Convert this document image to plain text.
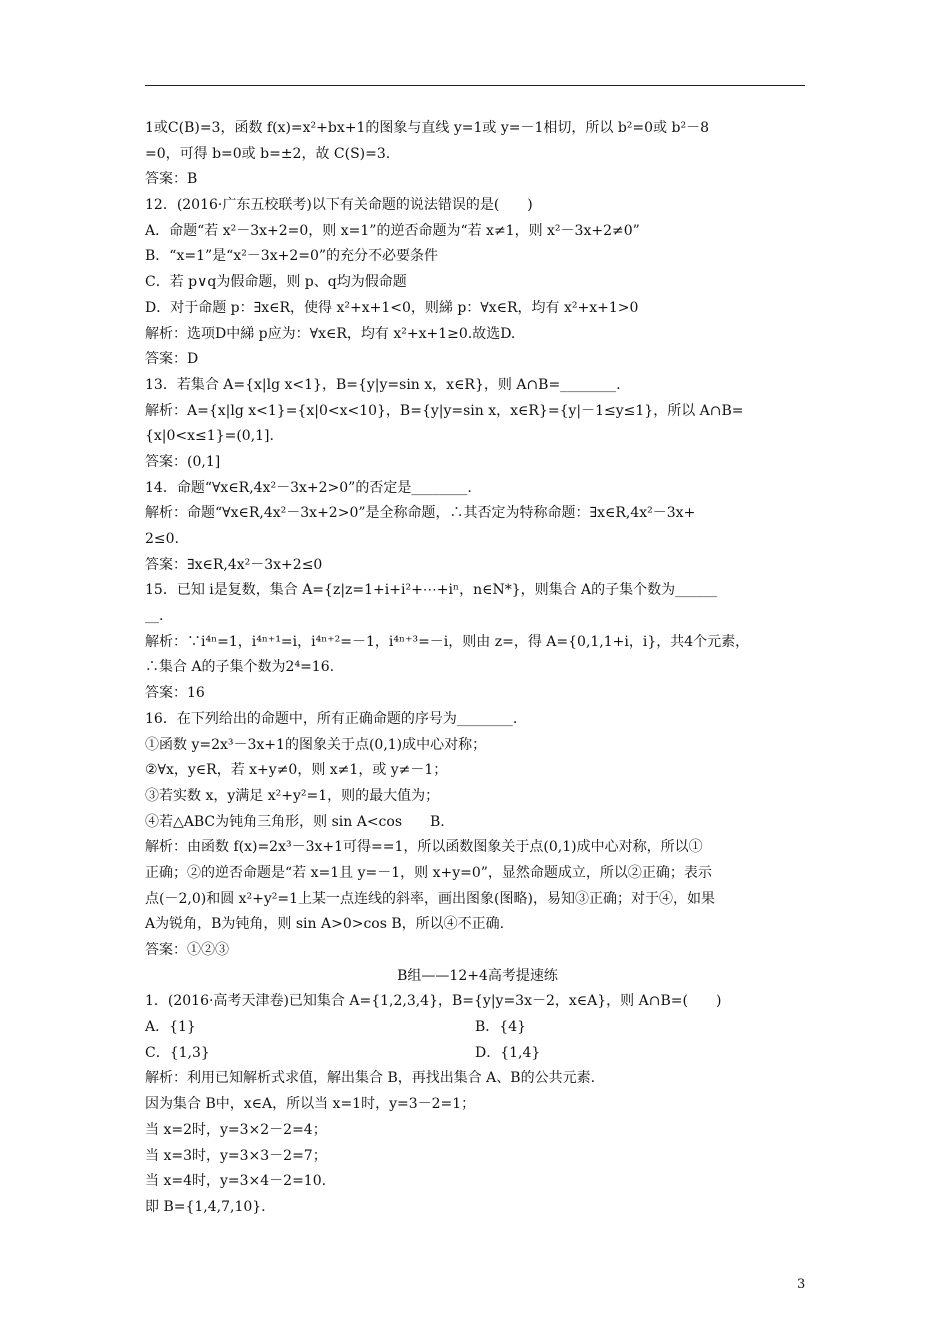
1或C(B)=3，函数 f(x)=x²+bx+1的图象与直线 y=1或 y=－1相切，所以 b²=0或 b²－8
=0，可得 b=0或 b=±2，故 C(S)=3.
答案：B
12．(2016·广东五校联考)以下有关命题的说法错误的是(　　)
A．命题“若 x²－3x+2=0，则 x=1”的逆否命题为“若 x≠1，则 x²－3x+2≠0”
B．“x=1”是“x²－3x+2=0”的充分不必要条件
C．若 p∨q为假命题，则 p、q均为假命题
D．对于命题 p：∃x∈R，使得 x²+x+1<0，则綈 p：∀x∈R，均有 x²+x+1>0
解析：选项D中綈 p应为：∀x∈R，均有 x²+x+1≥0.故选D.
答案：D
13．若集合 A={x|lg x<1}，B={y|y=sin x，x∈R}，则 A∩B=________.
解析：A={x|lg x<1}={x|0<x<10}，B={y|y=sin x，x∈R}={y|－1≤y≤1}，所以 A∩B=
{x|0<x≤1}=(0,1].
答案：(0,1]
14．命题“∀x∈R,4x²－3x+2>0”的否定是________.
解析：命题“∀x∈R,4x²－3x+2>0”是全称命题，∴其否定为特称命题：∃x∈R,4x²－3x+
2≤0.
答案：∃x∈R,4x²－3x+2≤0
15．已知 i是复数，集合 A={z|z=1+i+i²+⋯+iⁿ，n∈N*}，则集合 A的子集个数为______
__.
解析：∵i⁴ⁿ=1，i⁴ⁿ⁺¹=i，i⁴ⁿ⁺²=－1，i⁴ⁿ⁺³=－i，则由 z=，得 A={0,1,1+i，i}，共4个元素，
∴集合 A的子集个数为2⁴=16.
答案：16
16．在下列给出的命题中，所有正确命题的序号为________.
①函数 y=2x³－3x+1的图象关于点(0,1)成中心对称；
②∀x，y∈R，若 x+y≠0，则 x≠1，或 y≠－1；
③若实数 x，y满足 x²+y²=1，则的最大值为；
④若△ABC为钝角三角形，则 sin A<cos　　B.
解析：由函数 f(x)=2x³－3x+1可得==1，所以函数图象关于点(0,1)成中心对称，所以①
正确；②的逆否命题是“若 x=1且 y=－1，则 x+y=0”，显然命题成立，所以②正确；表示
点(－2,0)和圆 x²+y²=1上某一点连线的斜率，画出图象(图略)，易知③正确；对于④，如果
A为锐角，B为钝角，则 sin A>0>cos B，所以④不正确.
答案：①②③
B组——12+4高考提速练
1．(2016·高考天津卷)已知集合 A={1,2,3,4}，B={y|y=3x－2，x∈A}，则 A∩B=(　　)
A．{1}	B．{4}
C．{1,3}	D．{1,4}
解析：利用已知解析式求值，解出集合 B，再找出集合 A、B的公共元素.
因为集合 B中，x∈A，所以当 x=1时，y=3－2=1；
当 x=2时，y=3×2－2=4；
当 x=3时，y=3×3－2=7；
当 x=4时，y=3×4－2=10.
即 B={1,4,7,10}.
3
